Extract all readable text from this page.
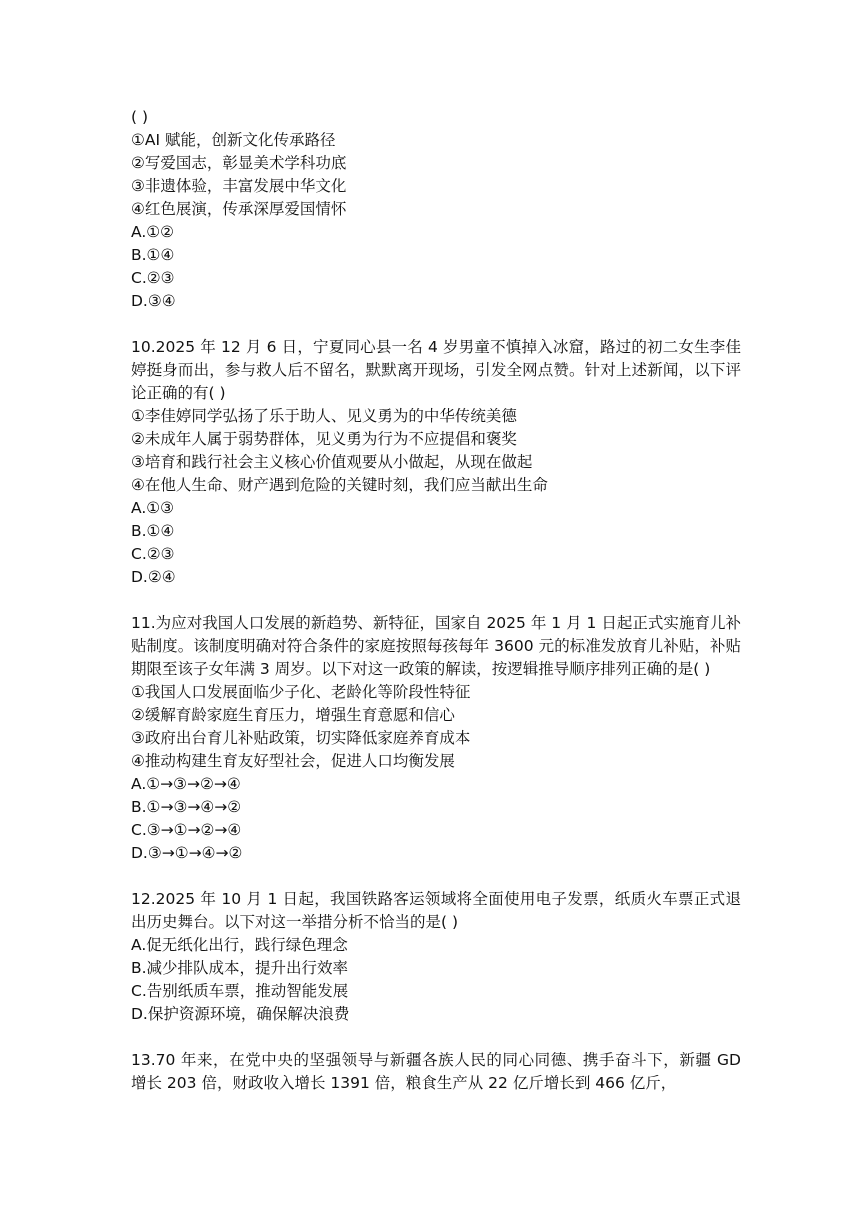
( )
①AI 赋能，创新文化传承路径
②写爱国志，彰显美术学科功底
③非遗体验，丰富发展中华文化
④红色展演，传承深厚爱国情怀
A.①②
B.①④
C.②③
D.③④
10.2025 年 12 月 6 日，宁夏同心县一名 4 岁男童不慎掉入冰窟，路过的初二女生李佳婷挺身而出，参与救人后不留名，默默离开现场，引发全网点赞。针对上述新闻，以下评论正确的有( )
①李佳婷同学弘扬了乐于助人、见义勇为的中华传统美德
②未成年人属于弱势群体，见义勇为行为不应提倡和褒奖
③培育和践行社会主义核心价值观要从小做起，从现在做起
④在他人生命、财产遇到危险的关键时刻，我们应当献出生命
A.①③
B.①④
C.②③
D.②④
11.为应对我国人口发展的新趋势、新特征，国家自 2025 年 1 月 1 日起正式实施育儿补贴制度。该制度明确对符合条件的家庭按照每孩每年 3600 元的标准发放育儿补贴，补贴期限至该子女年满 3 周岁。以下对这一政策的解读，按逻辑推导顺序排列正确的是( )
①我国人口发展面临少子化、老龄化等阶段性特征
②缓解育龄家庭生育压力，增强生育意愿和信心
③政府出台育儿补贴政策，切实降低家庭养育成本
④推动构建生育友好型社会，促进人口均衡发展
A.①→③→②→④
B.①→③→④→②
C.③→①→②→④
D.③→①→④→②
12.2025 年 10 月 1 日起，我国铁路客运领域将全面使用电子发票，纸质火车票正式退出历史舞台。以下对这一举措分析不恰当的是( )
A.促无纸化出行，践行绿色理念
B.减少排队成本，提升出行效率
C.告别纸质车票，推动智能发展
D.保护资源环境，确保解决浪费
13.70 年来，在党中央的坚强领导与新疆各族人民的同心同德、携手奋斗下，新疆 GD 增长 203 倍，财政收入增长 1391 倍，粮食生产从 22 亿斤增长到 466 亿斤，
